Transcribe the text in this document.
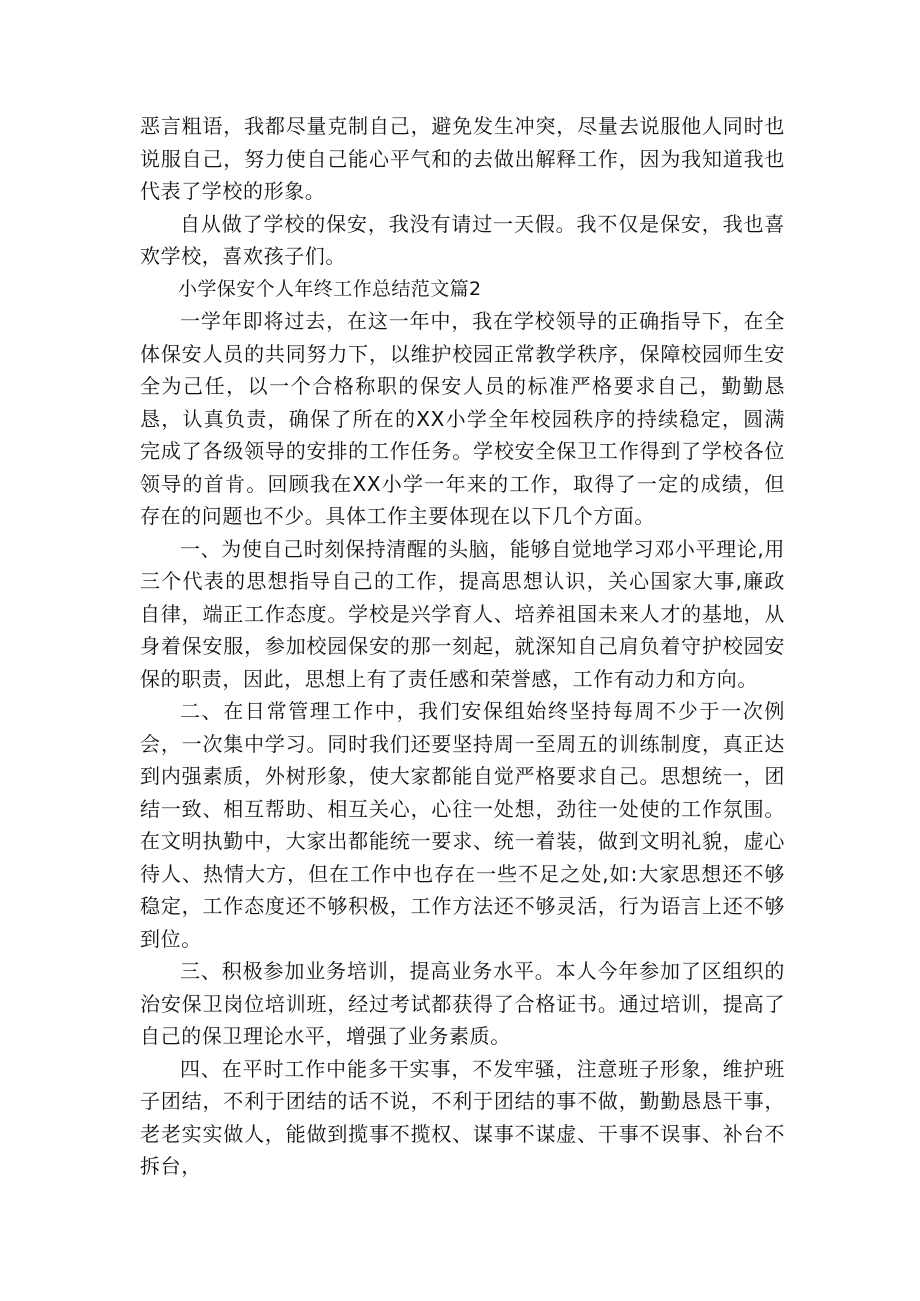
恶言粗语，我都尽量克制自己，避免发生冲突，尽量去说服他人同时也说服自己，努力使自己能心平气和的去做出解释工作，因为我知道我也代表了学校的形象。

自从做了学校的保安，我没有请过一天假。我不仅是保安，我也喜欢学校，喜欢孩子们。

小学保安个人年终工作总结范文篇2

一学年即将过去，在这一年中，我在学校领导的正确指导下，在全体保安人员的共同努力下，以维护校园正常教学秩序，保障校园师生安全为己任，以一个合格称职的保安人员的标准严格要求自己，勤勤恳恳，认真负责，确保了所在的XX小学全年校园秩序的持续稳定，圆满完成了各级领导的安排的工作任务。学校安全保卫工作得到了学校各位领导的首肯。回顾我在XX小学一年来的工作，取得了一定的成绩，但存在的问题也不少。具体工作主要体现在以下几个方面。

一、为使自己时刻保持清醒的头脑，能够自觉地学习邓小平理论,用三个代表的思想指导自己的工作，提高思想认识，关心国家大事,廉政自律，端正工作态度。学校是兴学育人、培养祖国未来人才的基地，从身着保安服，参加校园保安的那一刻起，就深知自己肩负着守护校园安保的职责，因此，思想上有了责任感和荣誉感，工作有动力和方向。

二、在日常管理工作中，我们安保组始终坚持每周不少于一次例会，一次集中学习。同时我们还要坚持周一至周五的训练制度，真正达到内强素质，外树形象，使大家都能自觉严格要求自己。思想统一，团结一致、相互帮助、相互关心，心往一处想，劲往一处使的工作氛围。在文明执勤中，大家出都能统一要求、统一着装，做到文明礼貌，虚心待人、热情大方，但在工作中也存在一些不足之处,如:大家思想还不够稳定，工作态度还不够积极，工作方法还不够灵活，行为语言上还不够到位。

三、积极参加业务培训，提高业务水平。本人今年参加了区组织的治安保卫岗位培训班，经过考试都获得了合格证书。通过培训，提高了自己的保卫理论水平，增强了业务素质。

四、在平时工作中能多干实事，不发牢骚，注意班子形象，维护班子团结，不利于团结的话不说，不利于团结的事不做，勤勤恳恳干事，老老实实做人，能做到揽事不揽权、谋事不谋虚、干事不误事、补台不拆台，
